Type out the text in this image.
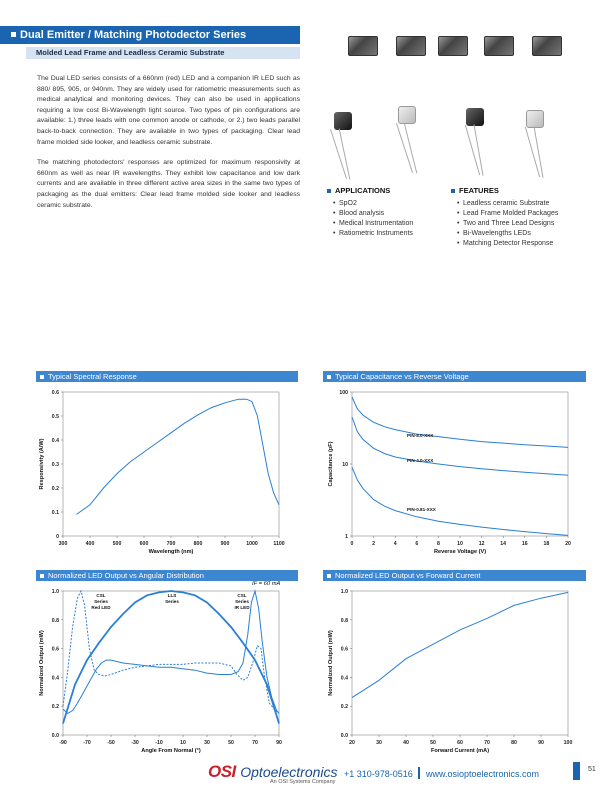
Dual Emitter / Matching Photodector Series
Molded Lead Frame and Leadless Ceramic Substrate

The Dual LED series consists of a 660nm (red) LED and a companion IR LED such as 880/ 895, 905, or 940nm. They are widely used for ratiometric measurements such as medical analytical and monitoring devices. They can also be used in applications requiring a low cost Bi-Wavelength light source. Two types of pin configurations are available: 1.) three leads with one common anode or cathode, or 2.) two leads parallel back-to-back connection. They are available in two types of packaging. Clear lead frame molded side looker, and leadless ceramic substrate.

The matching photodectors' responses are optimized for maximum responsivity at 660nm as well as near IR wavelengths. They exhibit low capacitance and low dark currents and are available in three different active area sizes in the same two types of packaging as the dual emitters: Clear lead frame molded side looker and leadless ceramic substrate.

APPLICATIONS
• SpO2
• Blood analysis
• Medical Instrumentation
• Ratiometric Instruments
FEATURES
• Leadless ceramic Substrate
• Lead Frame Molded Packages
• Two and Three Lead Designs
• Bi-Wavelengths LEDs
• Matching Detector Response
Typical Spectral Response	Typical Capacitance vs Reverse Voltage
Normalized LED Output vs Angular Distribution	Normalized LED Output vs Forward Current
300	400	500	600	700	800	900	1000	1100
0
0.1
0.2
0.3
0.4
0.5
0.6
Wavelength (nm)
Responsivity (A/W)
0	2	4	6	8	10	12	14	16	18	20
1
10
100
Reverse Voltage (V)
Capacitance (pF)
PIN-8.0-XXX
PIN-4.0-XXX
PIN-0.81-XXX
-90	-70	-50	-30	-10	10	30	50	70	90
0.0
0.2
0.4
0.6
0.8
1.0
Angle From Normal (°)
Normalized Output (mW)
CSL
Series
Red LED
LLS
Series
CSL
Series
IR LED
IF = 60 mA
20	30	40	50	60	70	80	90	100
0.0
0.2
0.4
0.6
0.8
1.0
Forward Current (mA)
Normalized Output (mW)
OSI Optoelectronics
An OSI Systems Company
+1 310-978-0516 www.osioptoelectronics.com	51
